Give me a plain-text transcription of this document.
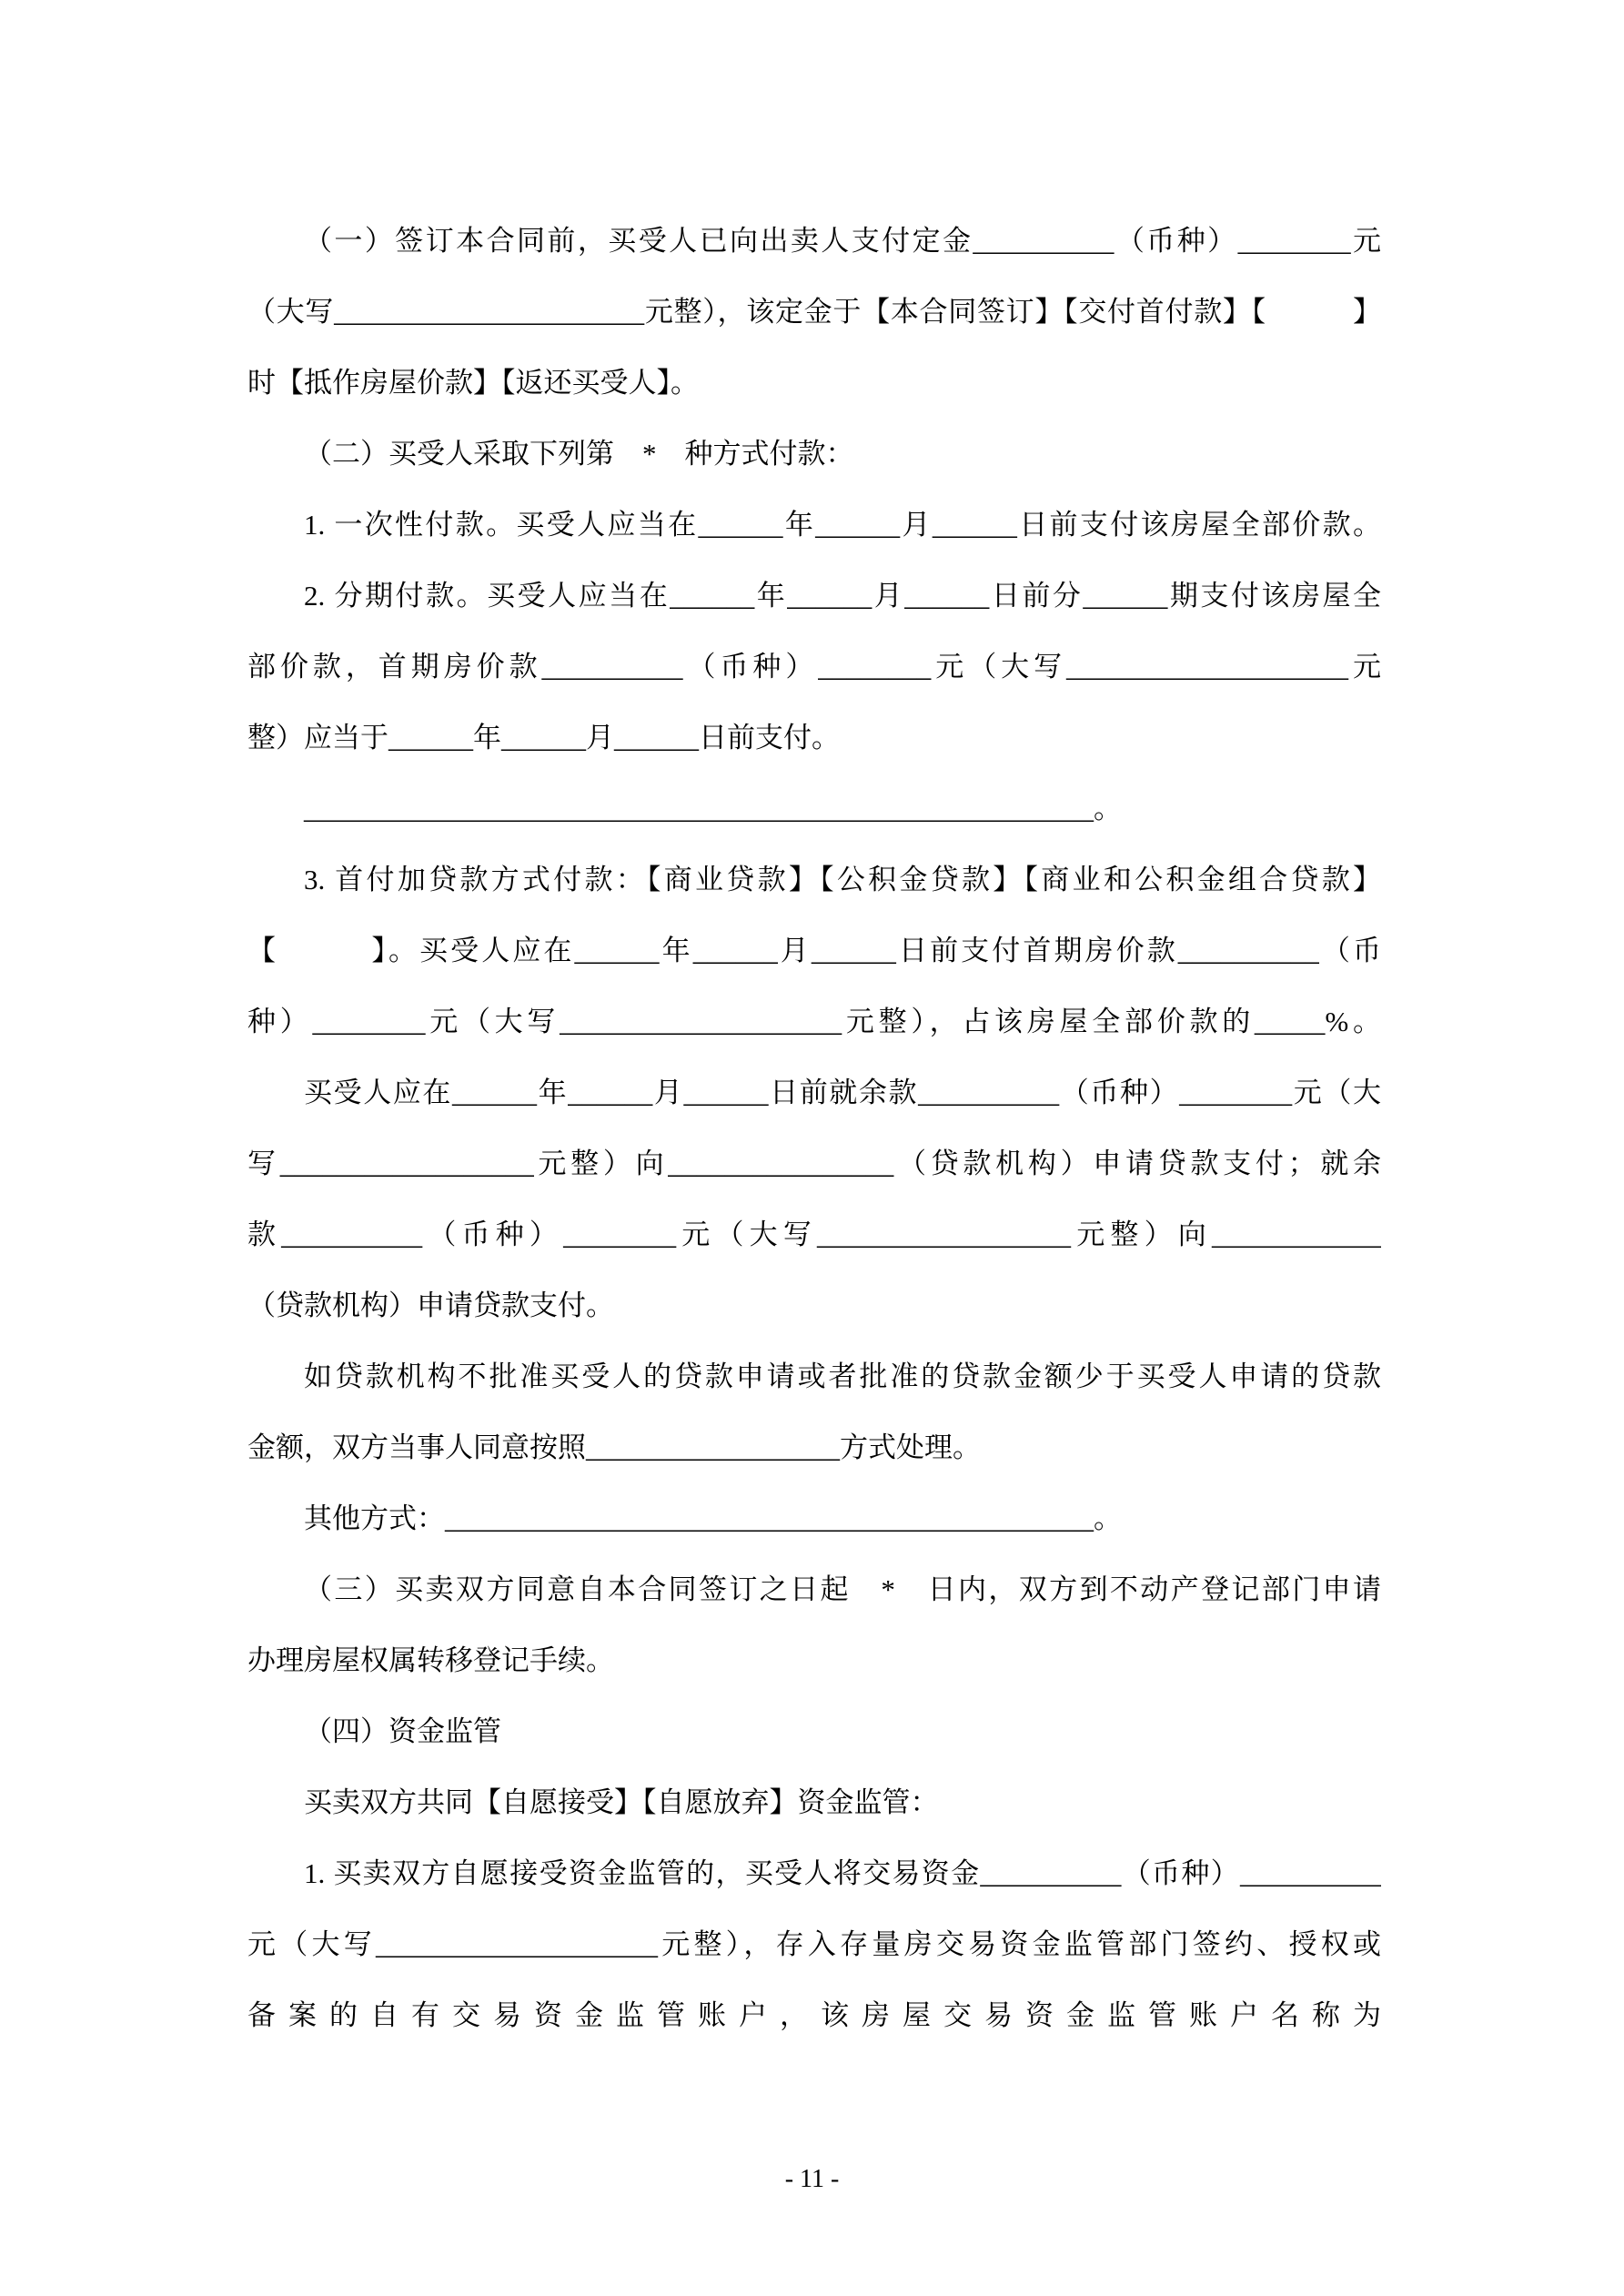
（一）签订本合同前，买受人已向出卖人支付定金__________（币种）________元
（大写______________________元整），该定金于【本合同签订】【交付首付款】【　　　】
时【抵作房屋价款】【返还买受人】。
（二）买受人采取下列第　*　种方式付款：
1. 一次性付款。买受人应当在______年______月______日前支付该房屋全部价款。
2. 分期付款。买受人应当在______年______月______日前分______期支付该房屋全
部价款，首期房价款__________（币种）________元（大写____________________元
整）应当于______年______月______日前支付。
________________________________________________________。
3. 首付加贷款方式付款：【商业贷款】【公积金贷款】【商业和公积金组合贷款】
【　　　】。买受人应在______年______月______日前支付首期房价款__________（币
种）________元（大写____________________元整），占该房屋全部价款的_____%。
买受人应在______年______月______日前就余款__________（币种）________元（大
写__________________元整）向________________（贷款机构）申请贷款支付；就余
款__________（币种）________元（大写__________________元整）向____________
（贷款机构）申请贷款支付。
如贷款机构不批准买受人的贷款申请或者批准的贷款金额少于买受人申请的贷款
金额，双方当事人同意按照__________________方式处理。
其他方式：______________________________________________。
（三）买卖双方同意自本合同签订之日起　*　日内，双方到不动产登记部门申请
办理房屋权属转移登记手续。
（四）资金监管
买卖双方共同【自愿接受】【自愿放弃】资金监管：
1. 买卖双方自愿接受资金监管的，买受人将交易资金__________（币种）__________
元（大写____________________元整），存入存量房交易资金监管部门签约、授权或
备案的自有交易资金监管账户，该房屋交易资金监管账户名称为
- 11 -
